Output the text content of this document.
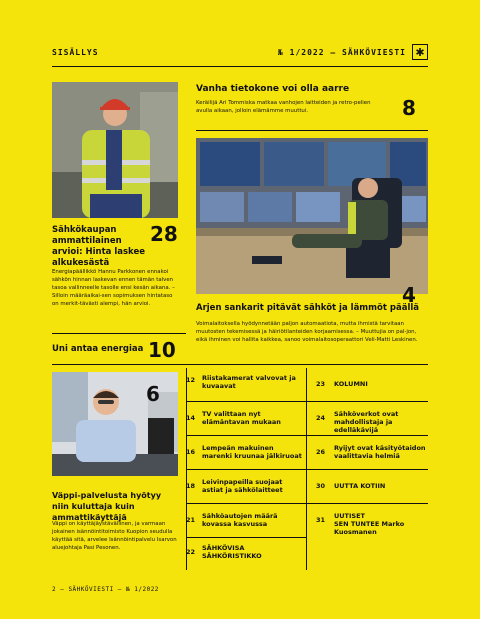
SISÄLLYS	№ 1/2022 — SÄHKÖVIESTI ✱
Vanha tietokone voi olla aarre
Keräilijä Ari Tommiska matkaa vanhojen laitteiden ja retro-pelien avulla aikaan, jolloin elämämme muuttui.	8
Sähkökaupan ammattilainen arvioi: Hinta laskee alkukesästä
28
Energiapäällikkö Hannu Parkkonen ennakoi sähkön hinnan laskevan ennen tämän talven tasoa vallinneelle tasolle ensi kesän aikana. – Silloin määräaikai-sen sopimuksen hintataso on merkit-tävästi alempi, hän arvioi.	Arjen sankarit pitävät sähköt ja lämmöt päällä
4
Voimalaitoksella hyödynnetään paljon automaatiota, mutta ihmistä tarvitaan muutosten tekemisessä ja häiriötilanteiden korjaamisessa. – Muuttujia on pal-jon, eikä ihminen voi hallita kaikkea, sanoo voimalaitosoperaattori Veli-Matti Leskinen.
Uni antaa energiaa 10
6
Väppi-palvelusta hyötyy niin kuluttaja kuin ammattikäyttäjä
Väppi on käyttäjäystävällinen, ja varmaan jokainen isännöintitoimisto Kuopion seudulla käyttää sitä, arvelee Isännöintipalvelu Isarvon aluejohtaja Pasi Pesonen.
12 Riistakamerat valvovat ja kuvaavat
14 TV valittaan nyt elämäntavan mukaan
16 Lempeän makuinen marenki kruunaa jälkiruoat
18 Leivinpapeilla suojaat astiat ja sähkölaitteet
21 Sähköautojen määrä kovassa kasvussa
22 SÄHKÖVISA SÄHKÖRISTIKKO
23 KOLUMNI
24 Sähköverkot ovat mahdollistaja ja edelläkävijä
26 Ryijyt ovat käsityötaidon vaalittavia helmiä
30 UUTTA KOTIIN
31 UUTISET
SEN TUNTEE Marko Kuosmanen
2 — SÄHKÖVIESTI — № 1/2022
